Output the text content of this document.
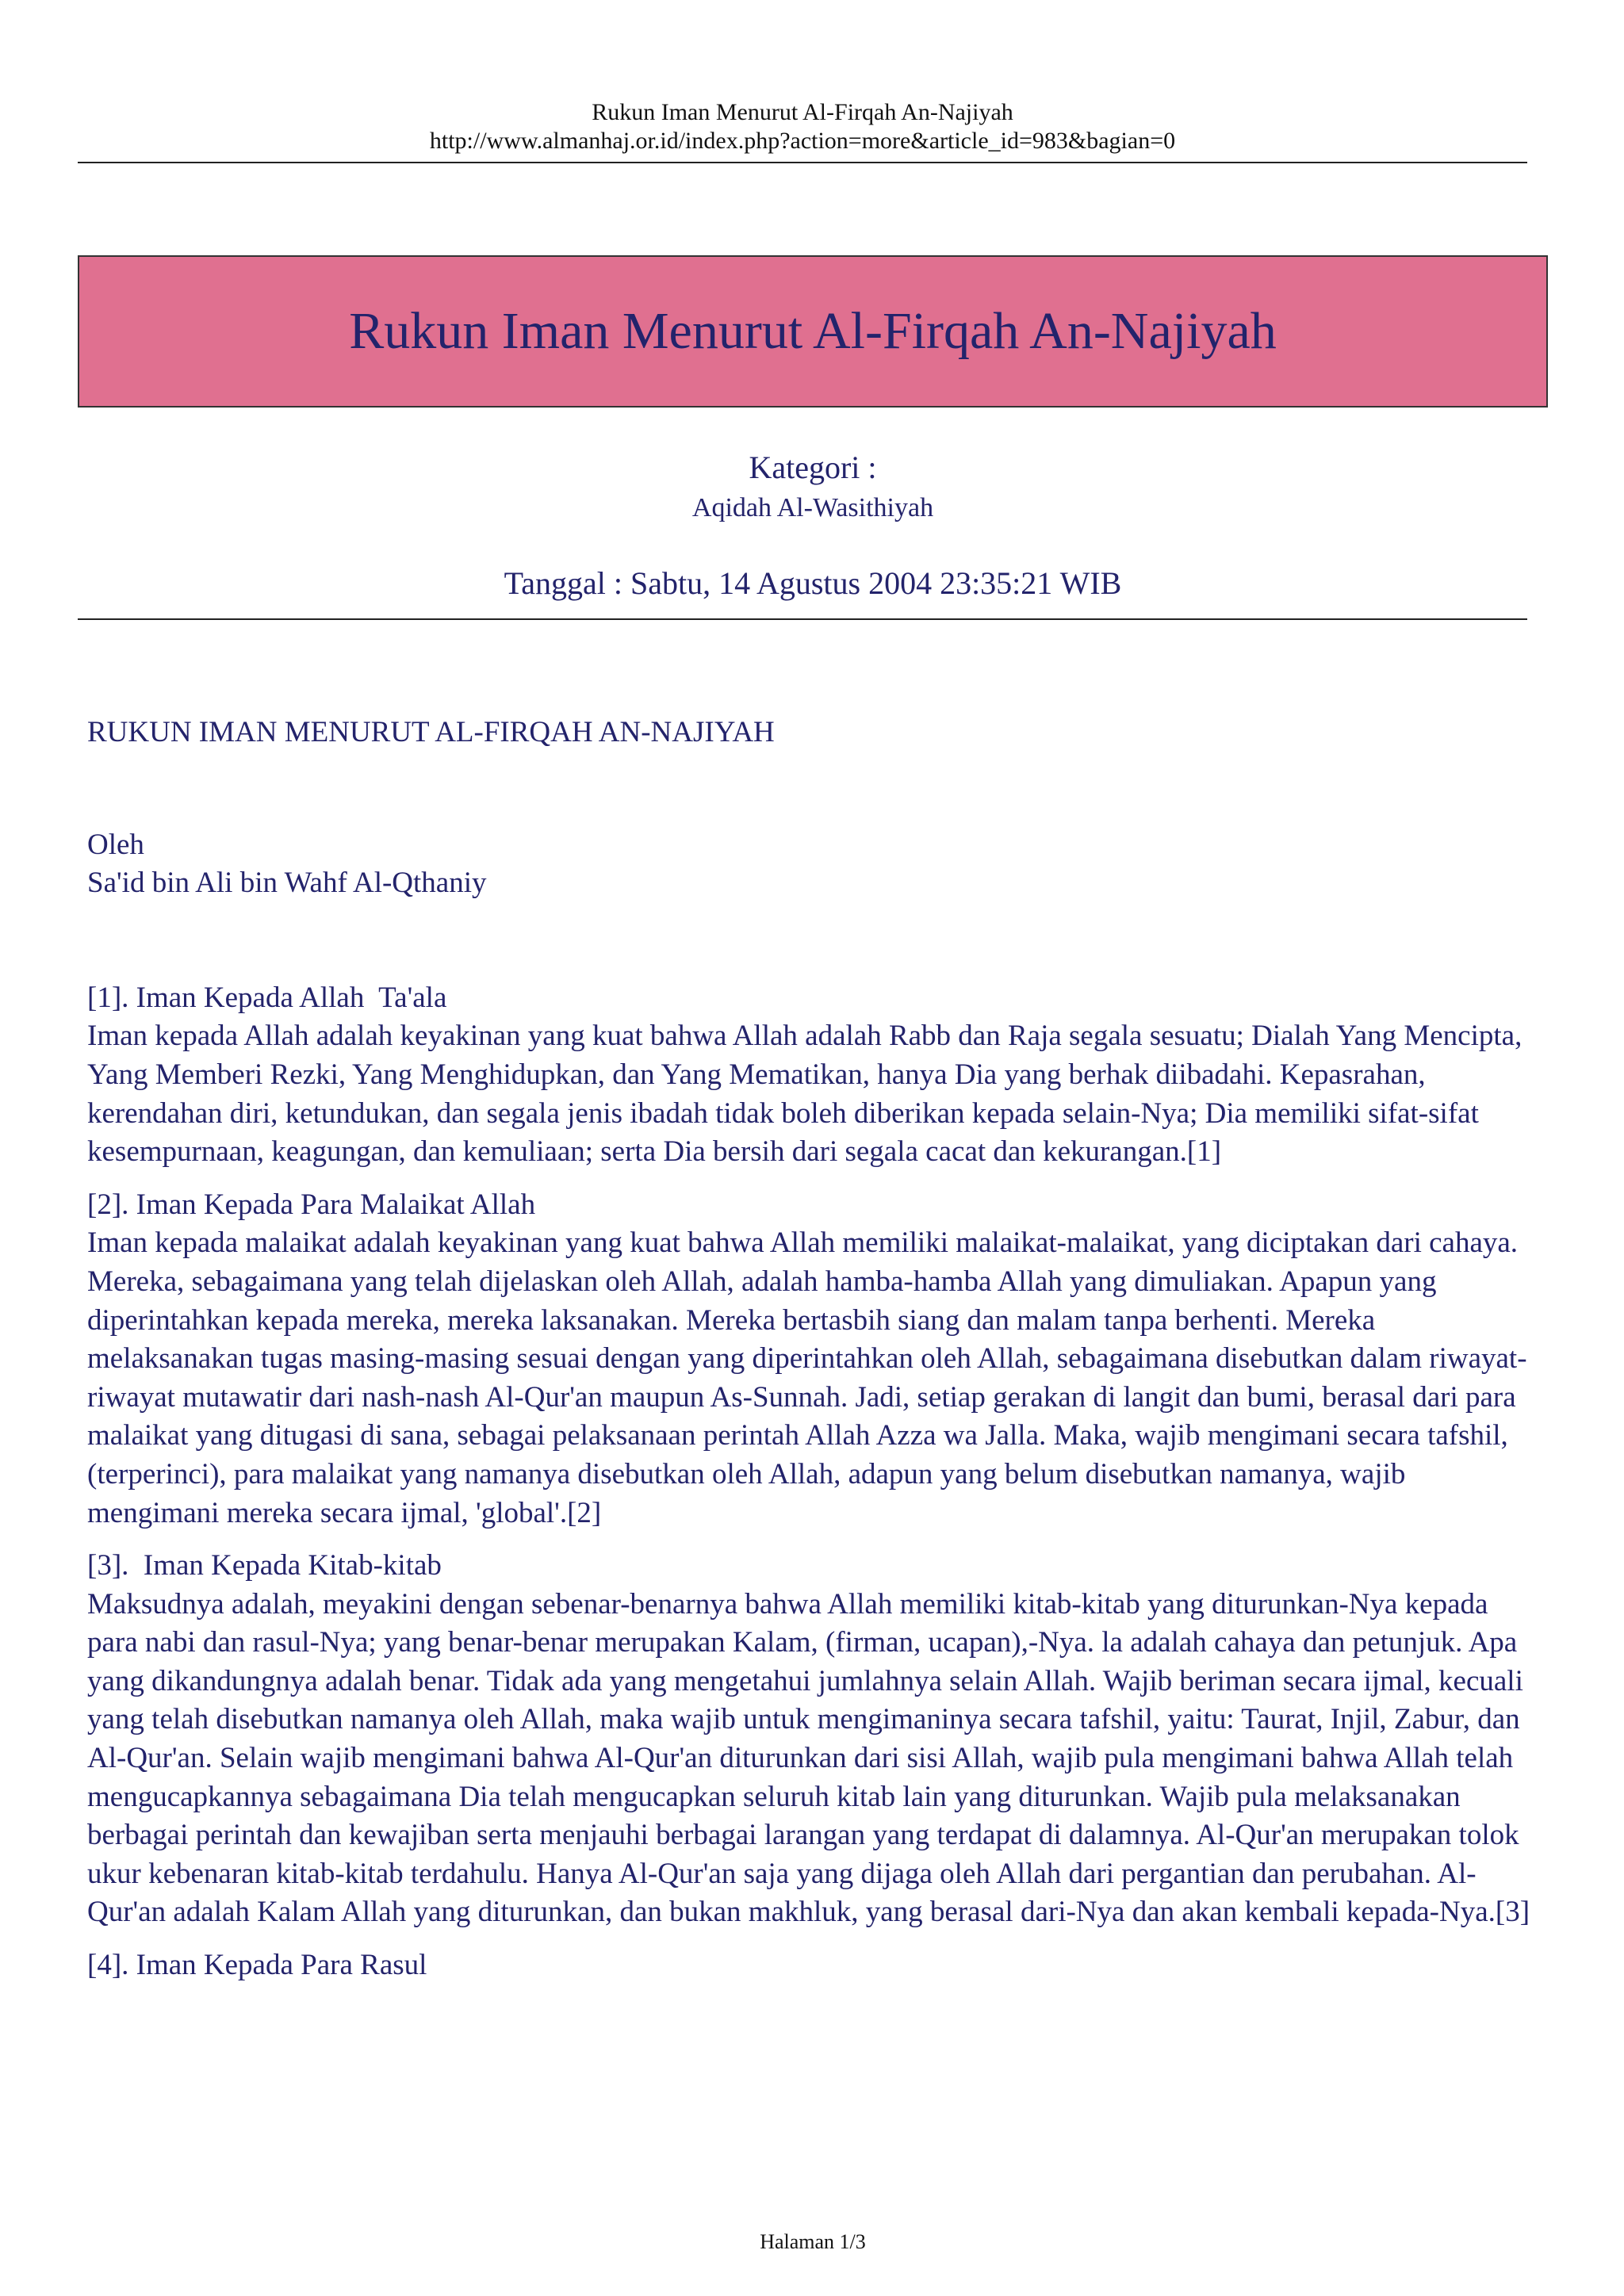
Rukun Iman Menurut Al-Firqah An-Najiyah
http://www.almanhaj.or.id/index.php?action=more&article_id=983&bagian=0
Rukun Iman Menurut Al-Firqah An-Najiyah
Kategori :
Aqidah Al-Wasithiyah
Tanggal : Sabtu, 14 Agustus 2004 23:35:21 WIB

RUKUN IMAN MENURUT AL-FIRQAH AN-NAJIYAH

Oleh

Sa'id bin Ali bin Wahf Al-Qthaniy

[1]. Iman Kepada Allah  Ta'ala

Iman kepada Allah adalah keyakinan yang kuat bahwa Allah adalah Rabb dan Raja segala sesuatu; Dialah Yang Mencipta, Yang Memberi Rezki, Yang Menghidupkan, dan Yang Mematikan, hanya Dia yang berhak diibadahi. Kepasrahan, kerendahan diri, ketundukan, dan segala jenis ibadah tidak boleh diberikan kepada selain-Nya; Dia memiliki sifat-sifat kesempurnaan, keagungan, dan kemuliaan; serta Dia bersih dari segala cacat dan kekurangan.[1]

[2]. Iman Kepada Para Malaikat Allah

Iman kepada malaikat adalah keyakinan yang kuat bahwa Allah memiliki malaikat-malaikat, yang diciptakan dari cahaya. Mereka, sebagaimana yang telah dijelaskan oleh Allah, adalah hamba-hamba Allah yang dimuliakan. Apapun yang diperintahkan kepada mereka, mereka laksanakan. Mereka bertasbih siang dan malam tanpa berhenti. Mereka melaksanakan tugas masing-masing sesuai dengan yang diperintahkan oleh Allah, sebagaimana disebutkan dalam riwayat-riwayat mutawatir dari nash-nash Al-Qur'an maupun As-Sunnah. Jadi, setiap gerakan di langit dan bumi, berasal dari para malaikat yang ditugasi di sana, sebagai pelaksanaan perintah Allah Azza wa Jalla. Maka, wajib mengimani secara tafshil, (terperinci), para malaikat yang namanya disebutkan oleh Allah, adapun yang belum disebutkan namanya, wajib mengimani mereka secara ijmal, 'global'.[2]

[3].  Iman Kepada Kitab-kitab

Maksudnya adalah, meyakini dengan sebenar-benarnya bahwa Allah memiliki kitab-kitab yang diturunkan-Nya kepada para nabi dan rasul-Nya; yang benar-benar merupakan Kalam, (firman, ucapan),-Nya. la adalah cahaya dan petunjuk. Apa yang dikandungnya adalah benar. Tidak ada yang mengetahui jumlahnya selain Allah. Wajib beriman secara ijmal, kecuali yang telah disebutkan namanya oleh Allah, maka wajib untuk mengimaninya secara tafshil, yaitu: Taurat, Injil, Zabur, dan Al-Qur'an. Selain wajib mengimani bahwa Al-Qur'an diturunkan dari sisi Allah, wajib pula mengimani bahwa Allah telah mengucapkannya sebagaimana Dia telah mengucapkan seluruh kitab lain yang diturunkan. Wajib pula melaksanakan berbagai perintah dan kewajiban serta menjauhi berbagai larangan yang terdapat di dalamnya. Al-Qur'an merupakan tolok ukur kebenaran kitab-kitab terdahulu. Hanya Al-Qur'an saja yang dijaga oleh Allah dari pergantian dan perubahan. Al-Qur'an adalah Kalam Allah yang diturunkan, dan bukan makhluk, yang berasal dari-Nya dan akan kembali kepada-Nya.[3]

[4]. Iman Kepada Para Rasul

Halaman 1/3
